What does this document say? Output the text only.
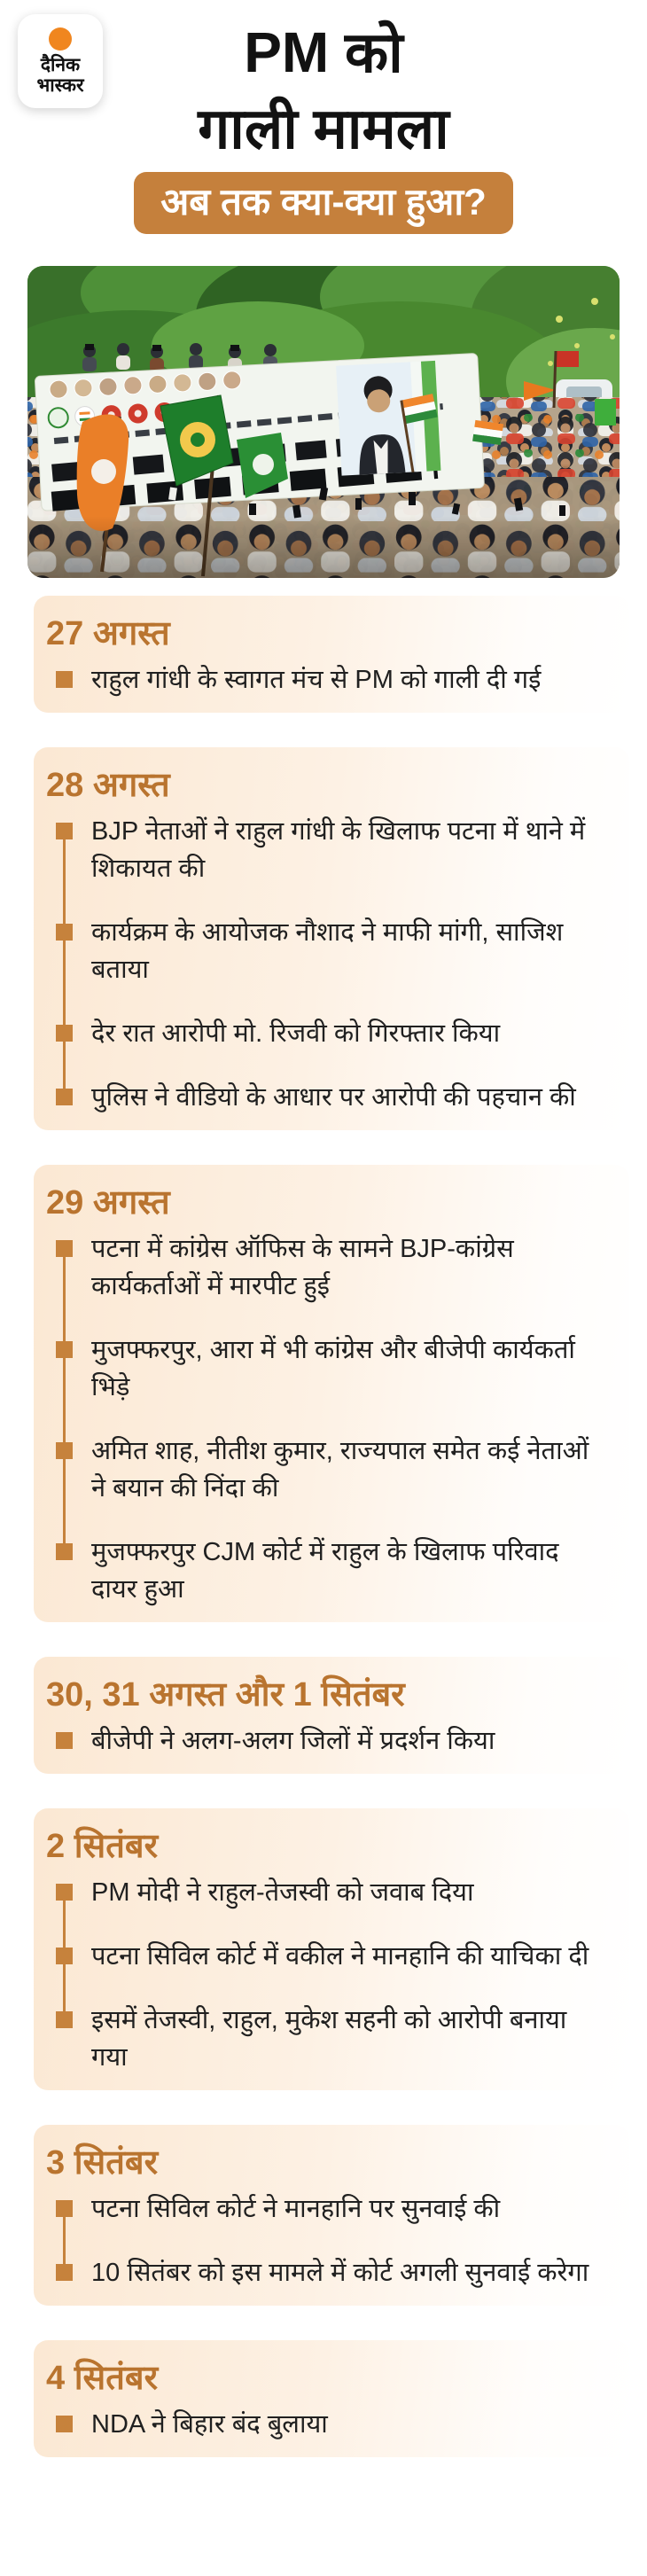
दैनिक
भास्कर
PM को
गाली मामला
अब तक क्या-क्या हुआ?
27 अगस्त
राहुल गांधी के स्वागत मंच से PM को गाली दी गई
28 अगस्त
BJP नेताओं ने राहुल गांधी के खिलाफ पटना में थाने में शिकायत की
कार्यक्रम के आयोजक नौशाद ने माफी मांगी, साजिश बताया
देर रात आरोपी मो. रिजवी को गिरफ्तार किया
पुलिस ने वीडियो के आधार पर आरोपी की पहचान की
29 अगस्त
पटना में कांग्रेस ऑफिस के सामने BJP-कांग्रेस कार्यकर्ताओं में मारपीट हुई
मुजफ्फरपुर, आरा में भी कांग्रेस और बीजेपी कार्यकर्ता भिड़े
अमित शाह, नीतीश कुमार, राज्यपाल समेत कई नेताओं ने बयान की निंदा की
मुजफ्फरपुर CJM कोर्ट में राहुल के खिलाफ परिवाद दायर हुआ
30, 31 अगस्त और 1 सितंबर
बीजेपी ने अलग-अलग जिलों में प्रदर्शन किया
2 सितंबर
PM मोदी ने राहुल-तेजस्वी को जवाब दिया
पटना सिविल कोर्ट में वकील ने मानहानि की याचिका दी
इसमें तेजस्वी, राहुल, मुकेश सहनी को आरोपी बनाया गया
3 सितंबर
पटना सिविल कोर्ट ने मानहानि पर सुनवाई की
10 सितंबर को इस मामले में कोर्ट अगली सुनवाई करेगा
4 सितंबर
NDA ने बिहार बंद बुलाया
